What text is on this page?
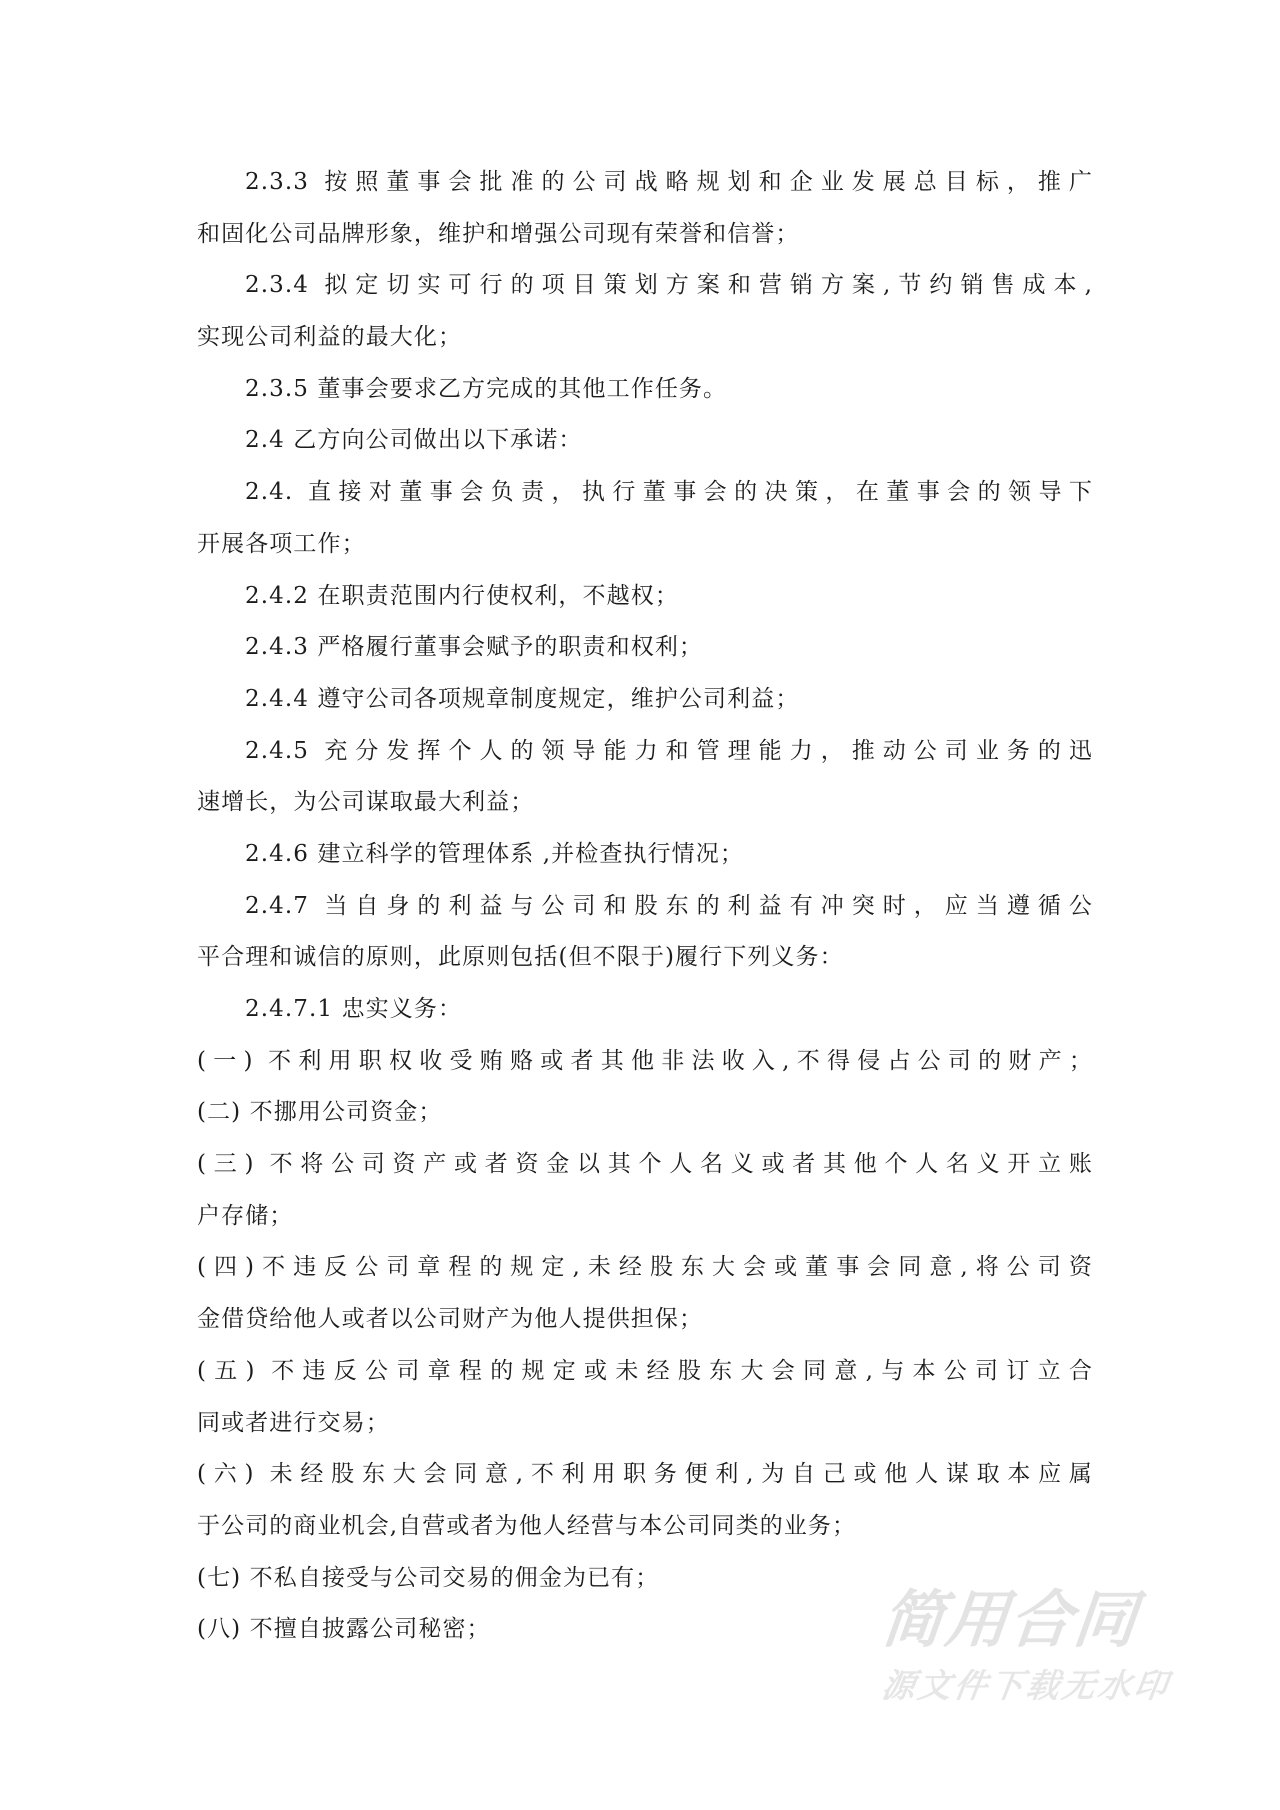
2.3.3 按照董事会批准的公司战略规划和企业发展总目标，推广
和固化公司品牌形象，维护和增强公司现有荣誉和信誉；
2.3.4 拟定切实可行的项目策划方案和营销方案,节约销售成本,
实现公司利益的最大化；
2.3.5 董事会要求乙方完成的其他工作任务。
2.4 乙方向公司做出以下承诺：
2.4. 直接对董事会负责，执行董事会的决策，在董事会的领导下
开展各项工作；
2.4.2 在职责范围内行使权利，不越权；
2.4.3 严格履行董事会赋予的职责和权利；
2.4.4 遵守公司各项规章制度规定，维护公司利益；
2.4.5 充分发挥个人的领导能力和管理能力，推动公司业务的迅
速增长，为公司谋取最大利益；
2.4.6 建立科学的管理体系 ,并检查执行情况；
2.4.7 当自身的利益与公司和股东的利益有冲突时，应当遵循公
平合理和诚信的原则，此原则包括(但不限于)履行下列义务：
2.4.7.1 忠实义务：
(一) 不利用职权收受贿赂或者其他非法收入,不得侵占公司的财产；
(二) 不挪用公司资金；
(三) 不将公司资产或者资金以其个人名义或者其他个人名义开立账
户存储；
(四)不违反公司章程的规定,未经股东大会或董事会同意,将公司资
金借贷给他人或者以公司财产为他人提供担保；
(五) 不违反公司章程的规定或未经股东大会同意,与本公司订立合
同或者进行交易；
(六) 未经股东大会同意,不利用职务便利,为自己或他人谋取本应属
于公司的商业机会,自营或者为他人经营与本公司同类的业务；
(七) 不私自接受与公司交易的佣金为已有；
(八) 不擅自披露公司秘密；	简用合同
源文件下载无水印
